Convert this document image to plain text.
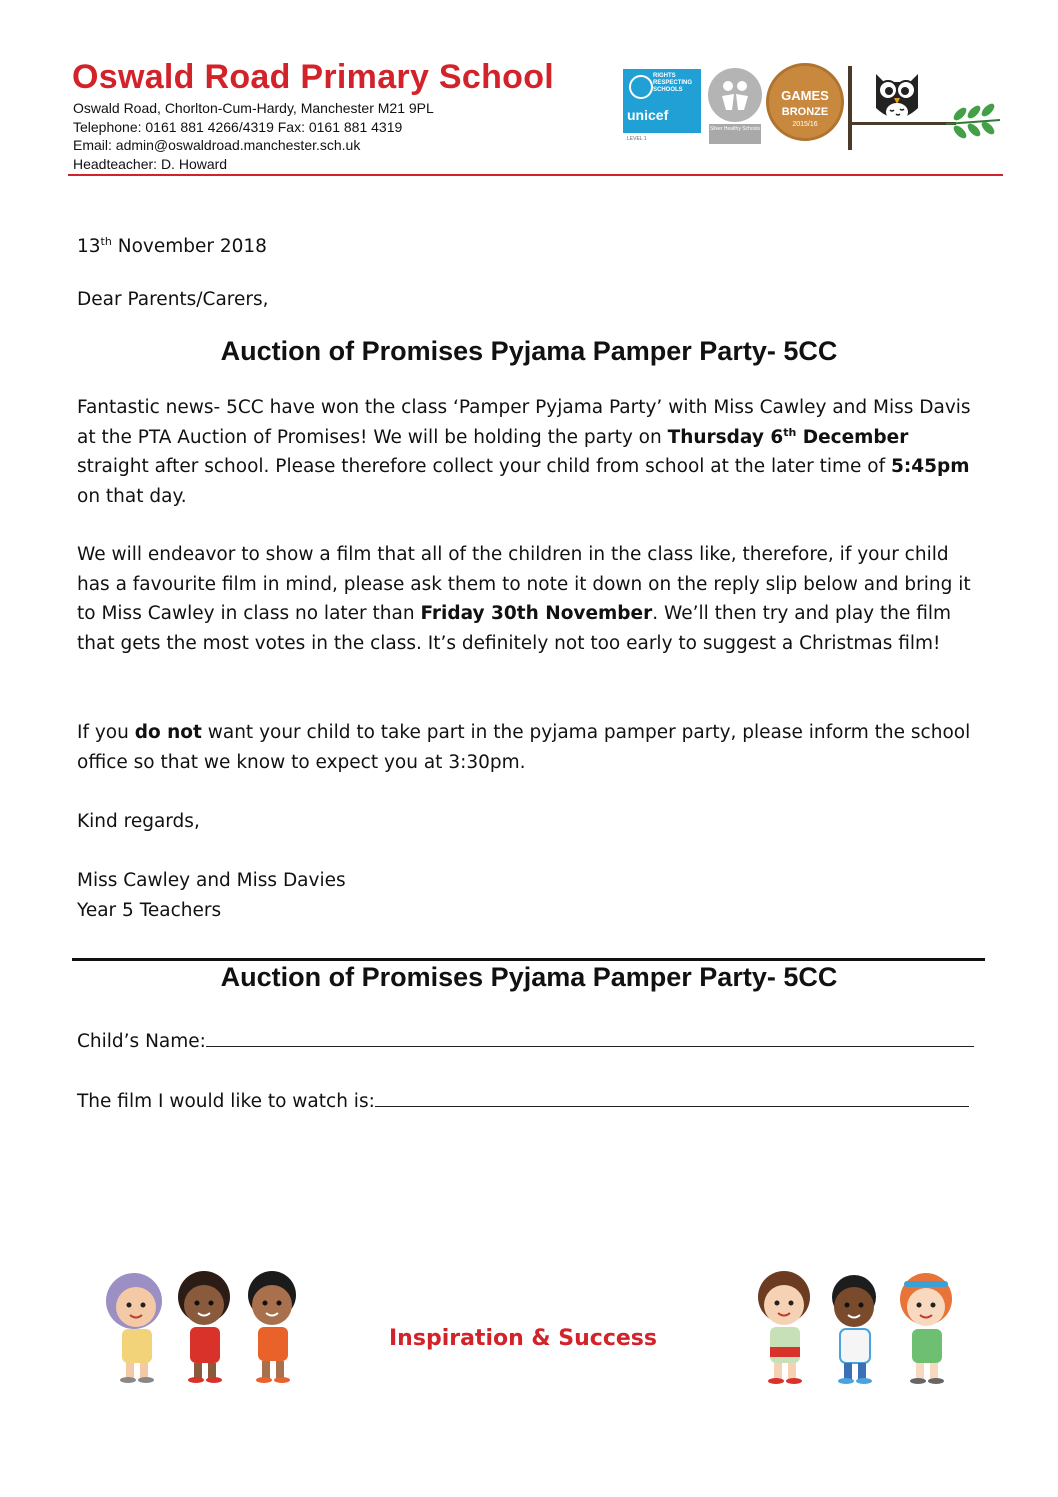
Oswald Road Primary School
Oswald Road, Chorlton-Cum-Hardy, Manchester M21 9PL
Telephone: 0161 881 4266/4319 Fax: 0161 881 4319
Email: admin@oswaldroad.manchester.sch.uk
Headteacher: D. Howard
RIGHTS RESPECTING SCHOOLS
unicef
LEVEL 1
Silver Healthy Schools
GAMES
BRONZE
2015/16

13th November 2018

Dear Parents/Carers,

Auction of Promises Pyjama Pamper Party- 5CC

Fantastic news- 5CC have won the class ‘Pamper Pyjama Party’ with Miss Cawley and Miss Davis at the PTA Auction of Promises! We will be holding the party on Thursday 6th December straight after school. Please therefore collect your child from school at the later time of 5:45pm on that day.

We will endeavor to show a film that all of the children in the class like, therefore, if your child has a favourite film in mind, please ask them to note it down on the reply slip below and bring it to Miss Cawley in class no later than Friday 30th November. We’ll then try and play the film that gets the most votes in the class. It’s definitely not too early to suggest a Christmas film!

If you do not want your child to take part in the pyjama pamper party, please inform the school office so that we know to expect you at 3:30pm.

Kind regards,

Miss Cawley and Miss Davies
Year 5 Teachers
Auction of Promises Pyjama Pamper Party- 5CC
Child’s Name:
The film I would like to watch is:

Inspiration & Success
